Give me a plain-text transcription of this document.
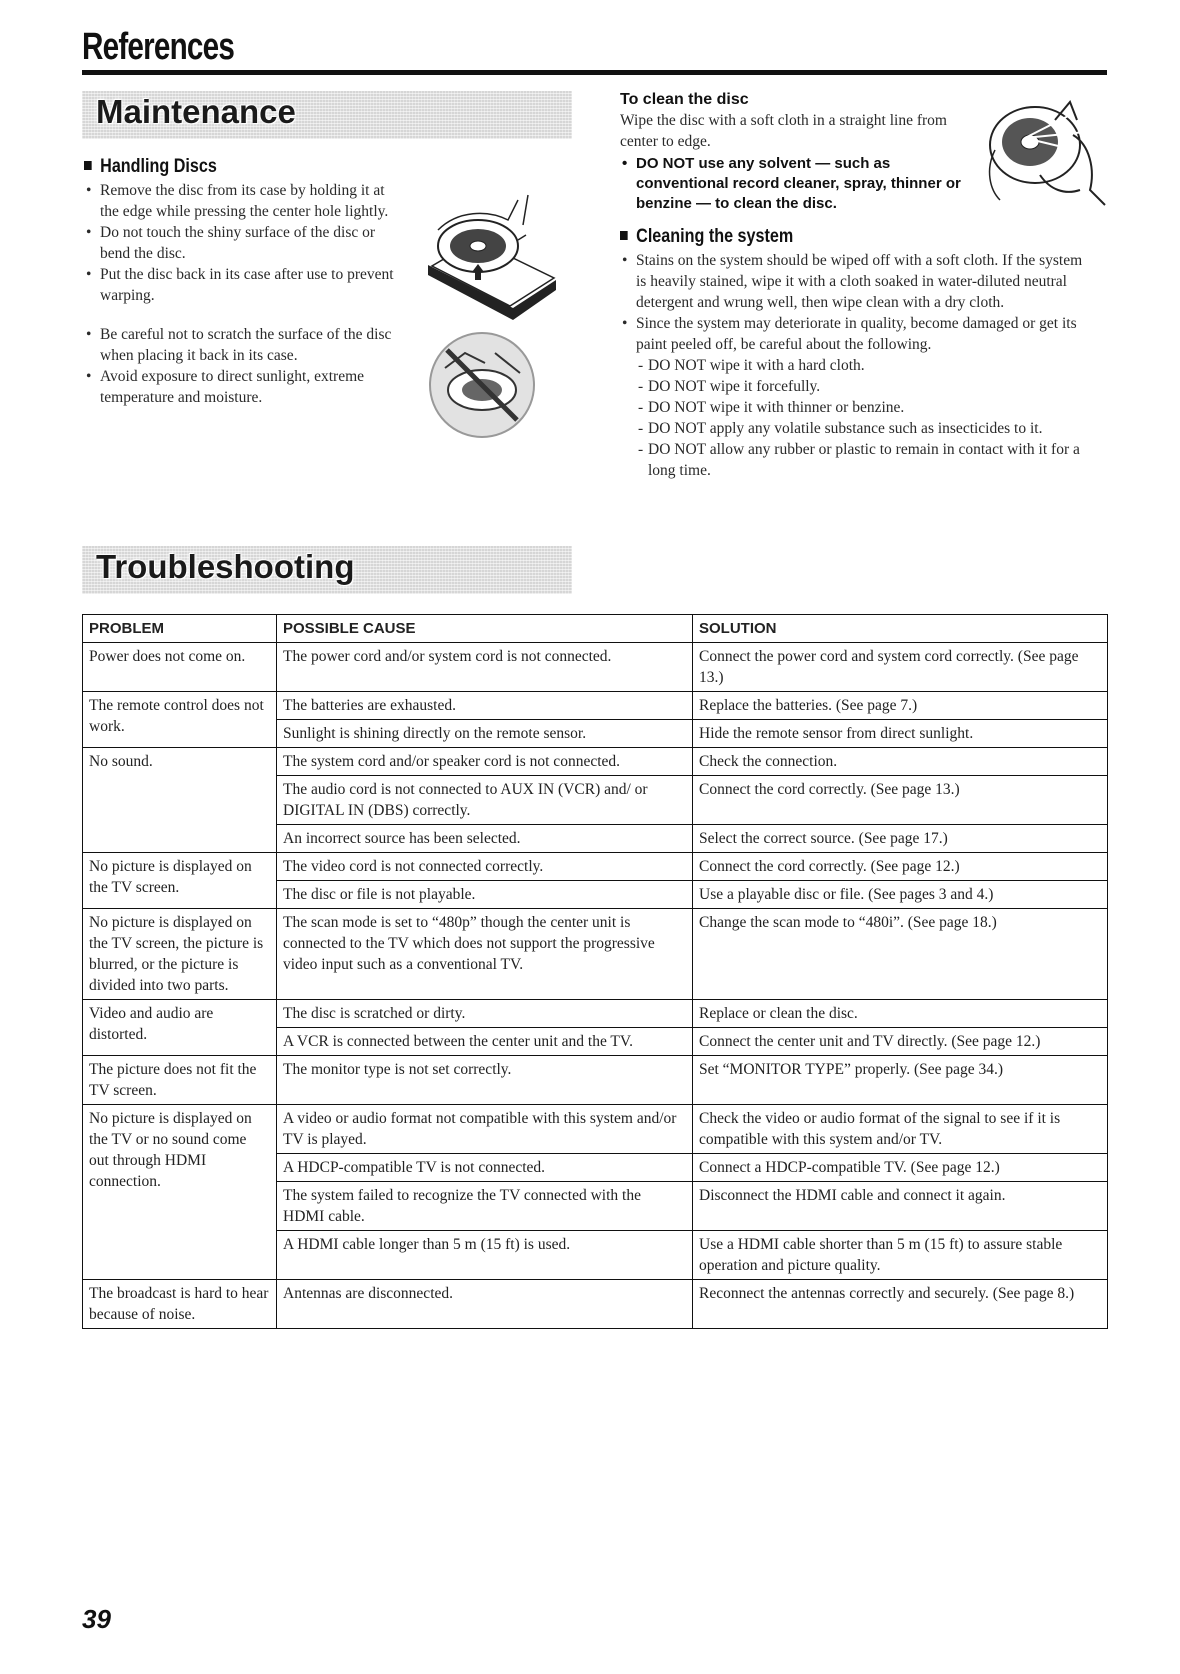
References
Maintenance
Handling Discs
• Remove the disc from its case by holding it at the edge while pressing the center hole lightly.
• Do not touch the shiny surface of the disc or bend the disc.
• Put the disc back in its case after use to prevent warping.
• Be careful not to scratch the surface of the disc when placing it back in its case.
• Avoid exposure to direct sunlight, extreme temperature and moisture.
To clean the disc
Wipe the disc with a soft cloth in a straight line from center to edge.
• DO NOT use any solvent — such as conventional record cleaner, spray, thinner or benzine — to clean the disc.
Cleaning the system
• Stains on the system should be wiped off with a soft cloth. If the system is heavily stained, wipe it with a cloth soaked in water-diluted neutral detergent and wrung well, then wipe clean with a dry cloth.
• Since the system may deteriorate in quality, become damaged or get its paint peeled off, be careful about the following.
- DO NOT wipe it with a hard cloth.
- DO NOT wipe it forcefully.
- DO NOT wipe it with thinner or benzine.
- DO NOT apply any volatile substance such as insecticides to it.
- DO NOT allow any rubber or plastic to remain in contact with it for a long time.
Troubleshooting
PROBLEM	POSSIBLE CAUSE	SOLUTION
Power does not come on.	The power cord and/or system cord is not connected.	Connect the power cord and system cord correctly. (See page 13.)
The remote control does not work.	The batteries are exhausted.	Replace the batteries. (See page 7.)
	Sunlight is shining directly on the remote sensor.	Hide the remote sensor from direct sunlight.
No sound.	The system cord and/or speaker cord is not connected.	Check the connection.
	The audio cord is not connected to AUX IN (VCR) and/ or DIGITAL IN (DBS) correctly.	Connect the cord correctly. (See page 13.)
	An incorrect source has been selected.	Select the correct source. (See page 17.)
No picture is displayed on the TV screen.	The video cord is not connected correctly.	Connect the cord correctly. (See page 12.)
	The disc or file is not playable.	Use a playable disc or file. (See pages 3 and 4.)
No picture is displayed on the TV screen, the picture is blurred, or the picture is divided into two parts.	The scan mode is set to “480p” though the center unit is connected to the TV which does not support the progressive video input such as a conventional TV.	Change the scan mode to “480i”. (See page 18.)
Video and audio are distorted.	The disc is scratched or dirty.	Replace or clean the disc.
	A VCR is connected between the center unit and the TV.	Connect the center unit and TV directly. (See page 12.)
The picture does not fit the TV screen.	The monitor type is not set correctly.	Set “MONITOR TYPE” properly. (See page 34.)
No picture is displayed on the TV or no sound come out through HDMI connection.	A video or audio format not compatible with this system and/or TV is played.	Check the video or audio format of the signal to see if it is compatible with this system and/or TV.
	A HDCP-compatible TV is not connected.	Connect a HDCP-compatible TV. (See page 12.)
	The system failed to recognize the TV connected with the HDMI cable.	Disconnect the HDMI cable and connect it again.
	A HDMI cable longer than 5 m (15 ft) is used.	Use a HDMI cable shorter than 5 m (15 ft) to assure stable operation and picture quality.
The broadcast is hard to hear because of noise.	Antennas are disconnected.	Reconnect the antennas correctly and securely. (See page 8.)
39
